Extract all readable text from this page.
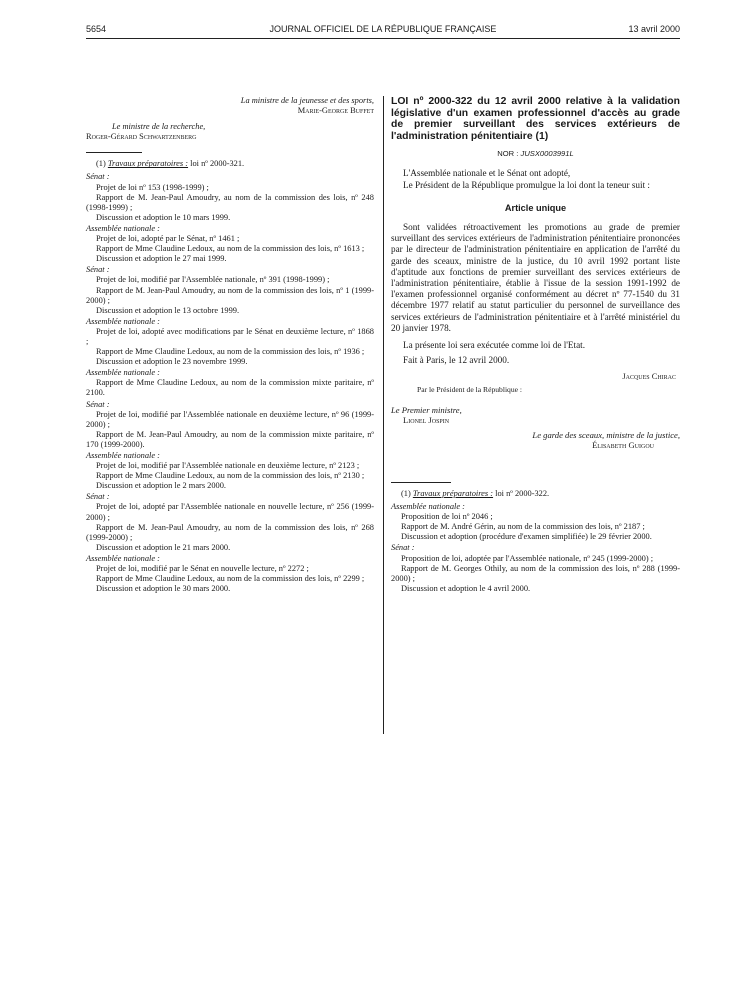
5654	JOURNAL OFFICIEL DE LA RÉPUBLIQUE FRANÇAISE	13 avril 2000
La ministre de la jeunesse et des sports,
Marie-George Buffet
Le ministre de la recherche,
Roger-Gérard Schwartzenberg
(1) Travaux préparatoires : loi nº 2000-321.
Sénat :
Projet de loi nº 153 (1998-1999) ;
Rapport de M. Jean-Paul Amoudry, au nom de la commission des lois, nº 248 (1998-1999) ;
Discussion et adoption le 10 mars 1999.
Assemblée nationale :
Projet de loi, adopté par le Sénat, nº 1461 ;
Rapport de Mme Claudine Ledoux, au nom de la commission des lois, nº 1613 ;
Discussion et adoption le 27 mai 1999.
Sénat :
Projet de loi, modifié par l'Assemblée nationale, nº 391 (1998-1999) ;
Rapport de M. Jean-Paul Amoudry, au nom de la commission des lois, nº 1 (1999-2000) ;
Discussion et adoption le 13 octobre 1999.
Assemblée nationale :
Projet de loi, adopté avec modifications par le Sénat en deuxième lecture, nº 1868 ;
Rapport de Mme Claudine Ledoux, au nom de la commission des lois, nº 1936 ;
Discussion et adoption le 23 novembre 1999.
Assemblée nationale :
Rapport de Mme Claudine Ledoux, au nom de la commission mixte paritaire, nº 2100.
Sénat :
Projet de loi, modifié par l'Assemblée nationale en deuxième lecture, nº 96 (1999-2000) ;
Rapport de M. Jean-Paul Amoudry, au nom de la commission mixte paritaire, nº 170 (1999-2000).
Assemblée nationale :
Projet de loi, modifié par l'Assemblée nationale en deuxième lecture, nº 2123 ;
Rapport de Mme Claudine Ledoux, au nom de la commission des lois, nº 2130 ;
Discussion et adoption le 2 mars 2000.
Sénat :
Projet de loi, adopté par l'Assemblée nationale en nouvelle lecture, nº 256 (1999-2000) ;
Rapport de M. Jean-Paul Amoudry, au nom de la commission des lois, nº 268 (1999-2000) ;
Discussion et adoption le 21 mars 2000.
Assemblée nationale :
Projet de loi, modifié par le Sénat en nouvelle lecture, nº 2272 ;
Rapport de Mme Claudine Ledoux, au nom de la commission des lois, nº 2299 ;
Discussion et adoption le 30 mars 2000.
LOI nº 2000-322 du 12 avril 2000 relative à la validation législative d'un examen professionnel d'accès au grade de premier surveillant des services extérieurs de l'administration pénitentiaire (1)
NOR : JUSX0003991L
L'Assemblée nationale et le Sénat ont adopté,
Le Président de la République promulgue la loi dont la teneur suit :
Article unique
Sont validées rétroactivement les promotions au grade de premier surveillant des services extérieurs de l'administration pénitentiaire prononcées par le directeur de l'administration pénitentiaire en application de l'arrêté du garde des sceaux, ministre de la justice, du 10 avril 1992 portant liste d'aptitude aux fonctions de premier surveillant des services extérieurs de l'administration pénitentiaire, établie à l'issue de la session 1991-1992 de l'examen professionnel organisé conformément au décret nº 77-1540 du 31 décembre 1977 relatif au statut particulier du personnel de surveillance des services extérieurs de l'administration pénitentiaire et à l'arrêté ministériel du 20 janvier 1978.
La présente loi sera exécutée comme loi de l'Etat.
Fait à Paris, le 12 avril 2000.
Jacques Chirac
Par le Président de la République :
Le Premier ministre,
Lionel Jospin
Le garde des sceaux, ministre de la justice,
Élisabeth Guigou
(1) Travaux préparatoires : loi nº 2000-322.
Assemblée nationale :
Proposition de loi nº 2046 ;
Rapport de M. André Gérin, au nom de la commission des lois, nº 2187 ;
Discussion et adoption (procédure d'examen simplifiée) le 29 février 2000.
Sénat :
Proposition de loi, adoptée par l'Assemblée nationale, nº 245 (1999-2000) ;
Rapport de M. Georges Othily, au nom de la commission des lois, nº 288 (1999-2000) ;
Discussion et adoption le 4 avril 2000.
